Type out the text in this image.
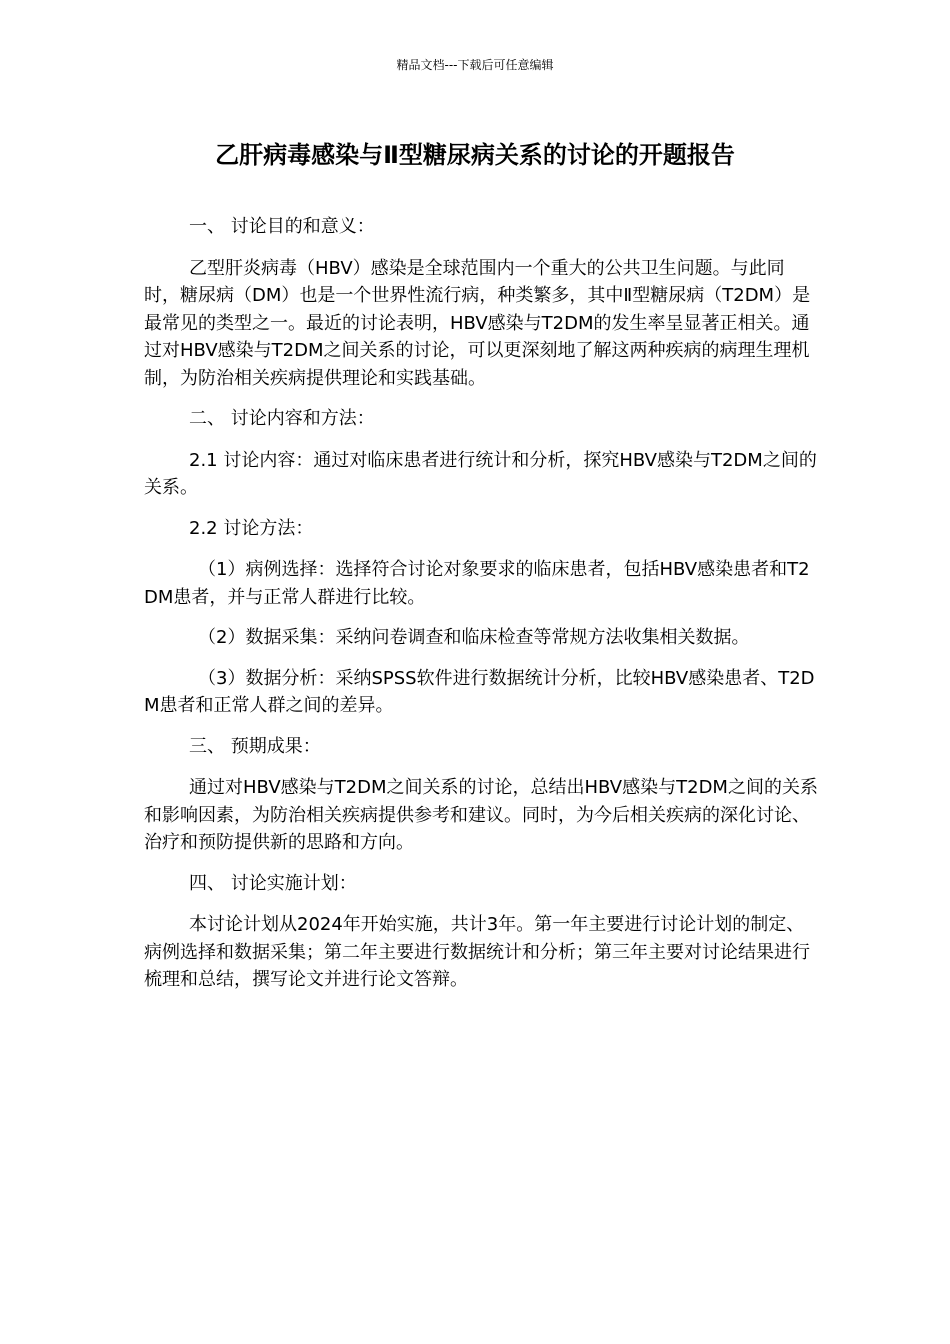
精品文档---下载后可任意编辑
乙肝病毒感染与Ⅱ型糖尿病关系的讨论的开题报告

一、 讨论目的和意义：

乙型肝炎病毒（HBV）感染是全球范围内一个重大的公共卫生问题。与此同时，糖尿病（DM）也是一个世界性流行病，种类繁多，其中Ⅱ型糖尿病（T2DM）是最常见的类型之一。最近的讨论表明，HBV感染与T2DM的发生率呈显著正相关。通过对HBV感染与T2DM之间关系的讨论，可以更深刻地了解这两种疾病的病理生理机制，为防治相关疾病提供理论和实践基础。

二、 讨论内容和方法：

2.1 讨论内容：通过对临床患者进行统计和分析，探究HBV感染与T2DM之间的关系。

2.2 讨论方法：

（1）病例选择：选择符合讨论对象要求的临床患者，包括HBV感染患者和T2DM患者，并与正常人群进行比较。

（2）数据采集：采纳问卷调查和临床检查等常规方法收集相关数据。

（3）数据分析：采纳SPSS软件进行数据统计分析，比较HBV感染患者、T2DM患者和正常人群之间的差异。

三、 预期成果：

通过对HBV感染与T2DM之间关系的讨论，总结出HBV感染与T2DM之间的关系和影响因素，为防治相关疾病提供参考和建议。同时，为今后相关疾病的深化讨论、治疗和预防提供新的思路和方向。

四、 讨论实施计划：

本讨论计划从2024年开始实施，共计3年。第一年主要进行讨论计划的制定、病例选择和数据采集；第二年主要进行数据统计和分析；第三年主要对讨论结果进行梳理和总结，撰写论文并进行论文答辩。
